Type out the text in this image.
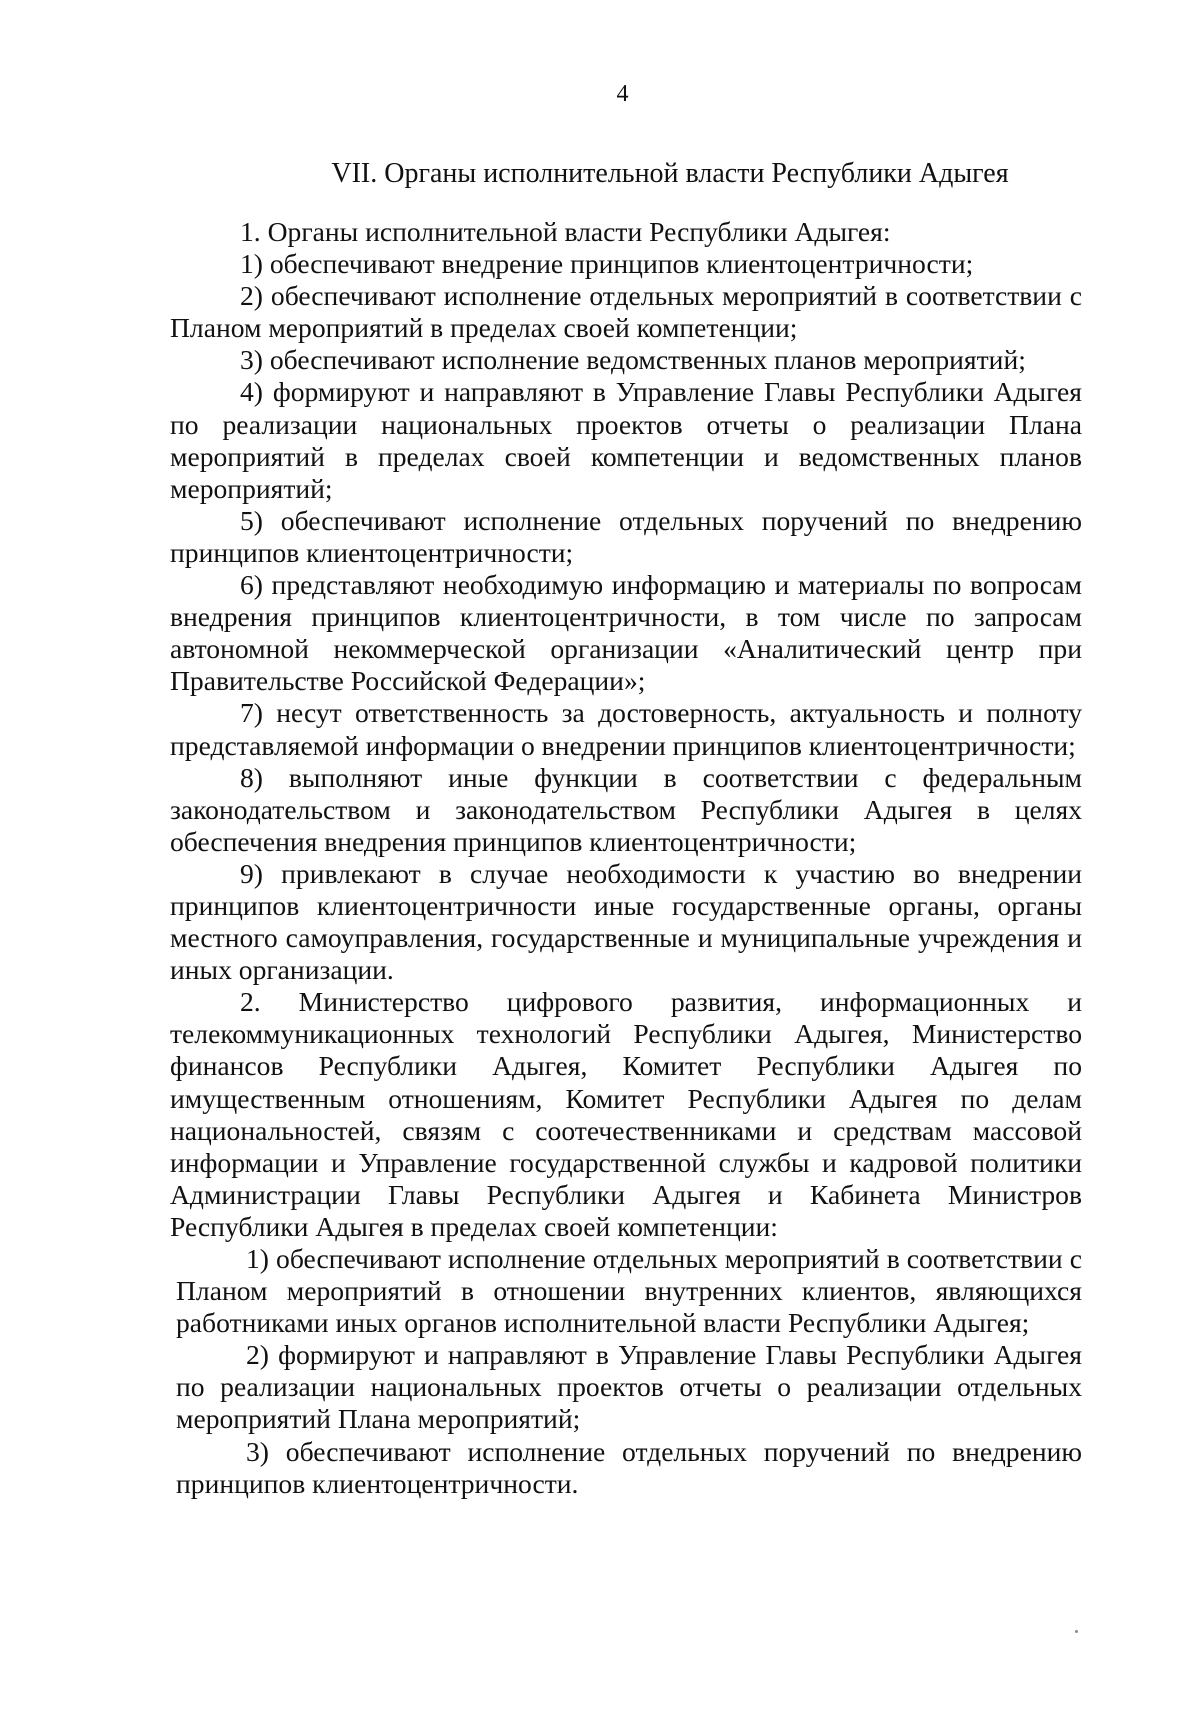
4
VII. Органы исполнительной власти Республики Адыгея

1. Органы исполнительной власти Республики Адыгея:

1) обеспечивают внедрение принципов клиентоцентричности;

2) обеспечивают исполнение отдельных мероприятий в соответствии с Планом мероприятий в пределах своей компетенции;

3) обеспечивают исполнение ведомственных планов мероприятий;

4) формируют и направляют в Управление Главы Республики Адыгея по реализации национальных проектов отчеты о реализации Плана мероприятий в пределах своей компетенции и ведомственных планов мероприятий;

5) обеспечивают исполнение отдельных поручений по внедрению принципов клиентоцентричности;

6) представляют необходимую информацию и материалы по вопросам внедрения принципов клиентоцентричности, в том числе по запросам автономной некоммерческой организации «Аналитический центр при Правительстве Российской Федерации»;

7) несут ответственность за достоверность, актуальность и полноту представляемой информации о внедрении принципов клиентоцентричности;

8) выполняют иные функции в соответствии с федеральным законодательством и законодательством Республики Адыгея в целях обеспечения внедрения принципов клиентоцентричности;

9) привлекают в случае необходимости к участию во внедрении принципов клиентоцентричности иные государственные органы, органы местного самоуправления, государственные и муниципальные учреждения и иных организации.

2. Министерство цифрового развития, информационных и телекоммуникационных технологий Республики Адыгея, Министерство финансов Республики Адыгея, Комитет Республики Адыгея по имущественным отношениям, Комитет Республики Адыгея по делам национальностей, связям с соотечественниками и средствам массовой информации и Управление государственной службы и кадровой политики Администрации Главы Республики Адыгея и Кабинета Министров Республики Адыгея в пределах своей компетенции:

1) обеспечивают исполнение отдельных мероприятий в соответствии с Планом мероприятий в отношении внутренних клиентов, являющихся работниками иных органов исполнительной власти Республики Адыгея;

2) формируют и направляют в Управление Главы Республики Адыгея по реализации национальных проектов отчеты о реализации отдельных мероприятий Плана мероприятий;

3) обеспечивают исполнение отдельных поручений по внедрению принципов клиентоцентричности.
